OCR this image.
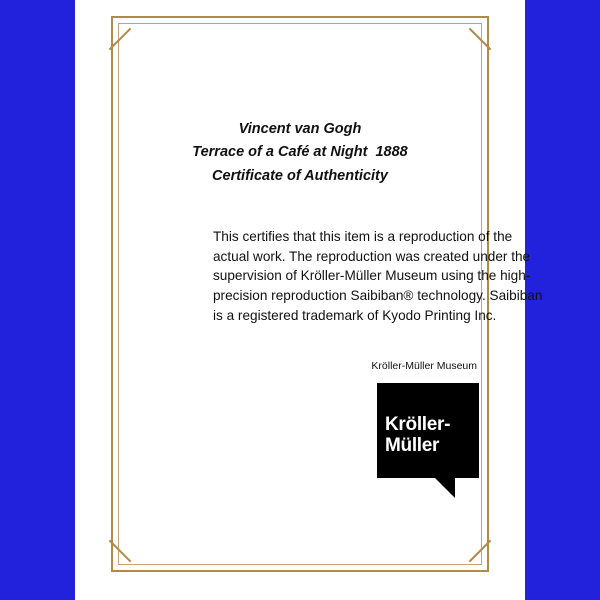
Vincent van Gogh
Terrace of a Café at Night  1888
Certificate of Authenticity
This certifies that this item is a reproduction of the actual work. The reproduction was created under the supervision of Kröller-Müller Museum using the high-precision reproduction Saibiban® technology. Saibiban is a registered trademark of Kyodo Printing Inc.
Kröller-Müller Museum
Kröller-
Müller
